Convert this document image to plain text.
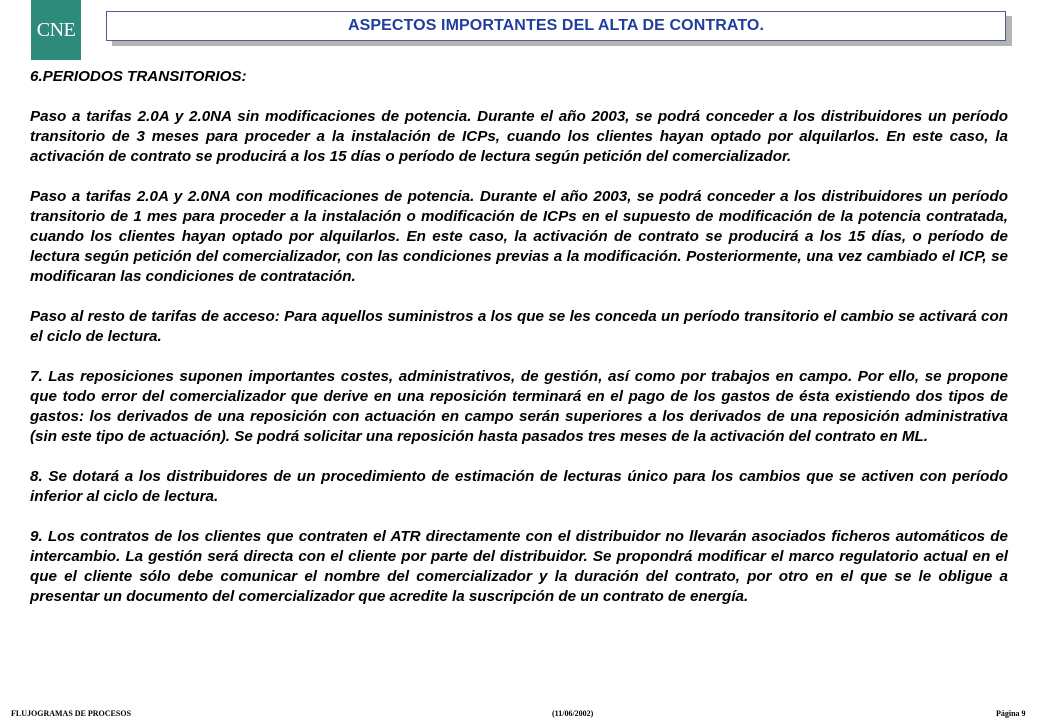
CNE	ASPECTOS IMPORTANTES DEL ALTA DE CONTRATO.

6.PERIODOS TRANSITORIOS:

Paso a tarifas 2.0A y 2.0NA sin modificaciones de potencia. Durante el año 2003, se podrá conceder a los distribuidores un período transitorio de 3 meses para proceder a la instalación de ICPs, cuando los clientes hayan optado por alquilarlos. En este caso, la activación de contrato se producirá a los 15 días o período de lectura según petición del comercializador.

Paso a tarifas 2.0A y 2.0NA con modificaciones de potencia. Durante el año 2003, se podrá conceder a los distribuidores un período transitorio de 1 mes para proceder a la instalación o modificación de ICPs en el supuesto de modificación de la potencia contratada, cuando los clientes hayan optado por alquilarlos. En este caso, la activación de contrato se producirá a los 15 días, o período de lectura según petición del comercializador, con las condiciones previas a la modificación. Posteriormente, una vez cambiado el ICP, se modificaran las condiciones de contratación.

Paso al resto de tarifas de acceso: Para aquellos suministros a los que se les conceda un período transitorio el cambio se activará con el ciclo de lectura.

7. Las reposiciones suponen importantes costes, administrativos, de gestión, así como por trabajos en campo. Por ello, se propone que todo error del comercializador que derive en una reposición terminará en el pago de los gastos de ésta existiendo dos tipos de gastos: los derivados de una reposición con actuación en campo serán superiores a los derivados de una reposición administrativa (sin este tipo de actuación). Se podrá solicitar una reposición hasta pasados tres meses de la activación del contrato en ML.

8. Se dotará a los distribuidores de un procedimiento de estimación de lecturas único para los cambios que se activen con período inferior al ciclo de lectura.

9. Los contratos de los clientes que contraten el ATR directamente con el distribuidor no llevarán asociados ficheros automáticos de intercambio. La gestión será directa con el cliente por parte del distribuidor. Se propondrá modificar el marco regulatorio actual en el que el cliente sólo debe comunicar el nombre del comercializador y la duración del contrato, por otro en el que se le obligue a presentar un documento del comercializador que acredite la suscripción de un contrato de energía.

FLUJOGRAMAS DE PROCESOS	(11/06/2002)	Página 9
